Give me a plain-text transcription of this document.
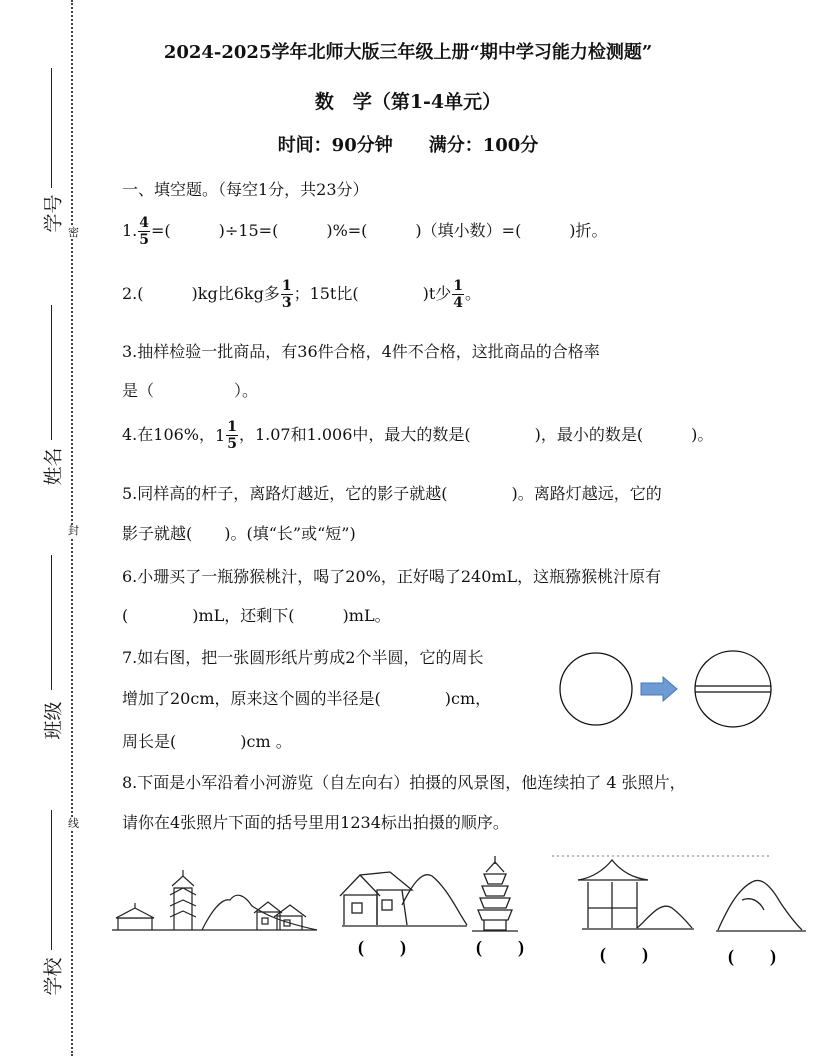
学号
姓名
班级
学校
密
封
线
2024-2025学年北师大版三年级上册“期中学习能力检测题”
数　学（第1-4单元）
时间：90分钟　　满分：100分
一、填空题。（每空1分，共23分）
1. $\frac{4}{5}$ =(　　　)÷15=(　　　)%=(　　　)（填小数）=(　　　)折。
2.(　　　)kg比6kg多 $\frac{1}{3}$ ；15t比(　　　　)t少 $\frac{1}{4}$ 。
3.抽样检验一批商品，有36件合格，4件不合格，这批商品的合格率
是（　　　　　）。
4.在106%，$1 \frac{1}{5}$ ，1.07和1.006中，最大的数是(　　　　)，最小的数是(　　　)。
5.同样高的杆子，离路灯越近，它的影子就越(　　　　)。离路灯越远，它的
影子就越(　　)。(填“长”或“短”)
6.小珊买了一瓶猕猴桃汁，喝了20%，正好喝了240mL，这瓶猕猴桃汁原有
(　　　　)mL，还剩下(　　　)mL。
7.如右图，把一张圆形纸片剪成2个半圆，它的周长
增加了20cm，原来这个圆的半径是(　　　　)cm，
周长是(　　　　)cm 。
8.下面是小军沿着小河游览（自左向右）拍摄的风景图，他连续拍了 4 张照片，
请你在4张照片下面的括号里用1234标出拍摄的顺序。
(　　)	(　　)	(　　)	(　　)
